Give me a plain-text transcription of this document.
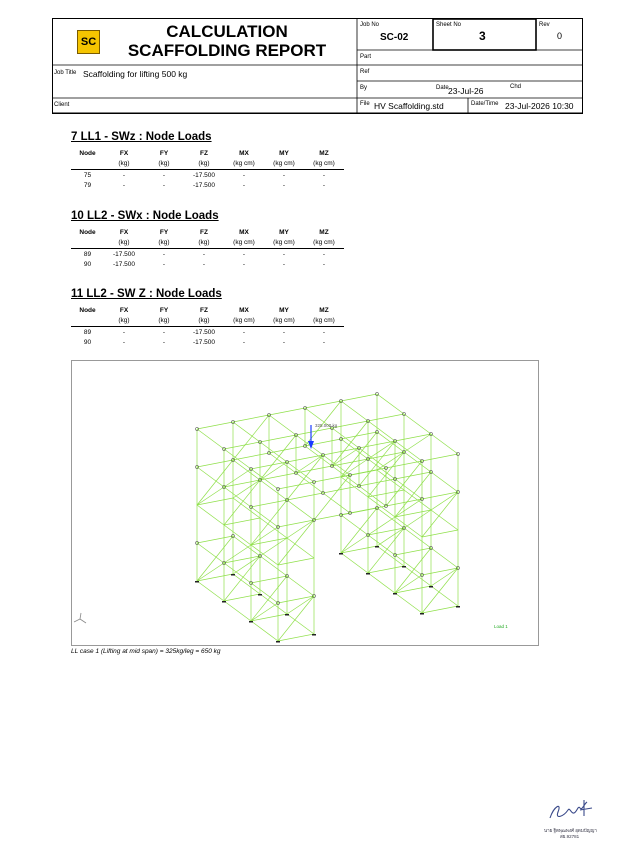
SC
CALCULATION
SCAFFOLDING REPORT
Job No
SC-02
Sheet No
3
Rev
0
Part
Job Title Scaffolding for lifting 500 kg	Ref
By	Date 23-Jul-26	Chd
Client	File HV Scaffolding.std	Date/Time 23-Jul-2026 10:30
7 LL1 - SWz : Node Loads
Node	FX	FY	FZ	MX	MY	MZ
	(kg)	(kg)	(kg)	(kg cm)	(kg cm)	(kg cm)
75	-	-	-17.500	-	-	-
79	-	-	-17.500	-	-	-
10 LL2 - SWx : Node Loads
Node	FX	FY	FZ	MX	MY	MZ
	(kg)	(kg)	(kg)	(kg cm)	(kg cm)	(kg cm)
89	-17.500	-	-	-	-	-
90	-17.500	-	-	-	-	-
11 LL2 - SW Z : Node Loads
Node	FX	FY	FZ	MX	MY	MZ
	(kg)	(kg)	(kg)	(kg cm)	(kg cm)	(kg cm)
89	-	-	-17.500	-	-	-
90	-	-	-17.500	-	-	-
325.000 kg
Load 1
LL case 1 (Lifting at mid span) = 325kg/leg = 650 kg
นาย ฐิตพุฒพงศ์ อุดมปัญญา
สย.92781
